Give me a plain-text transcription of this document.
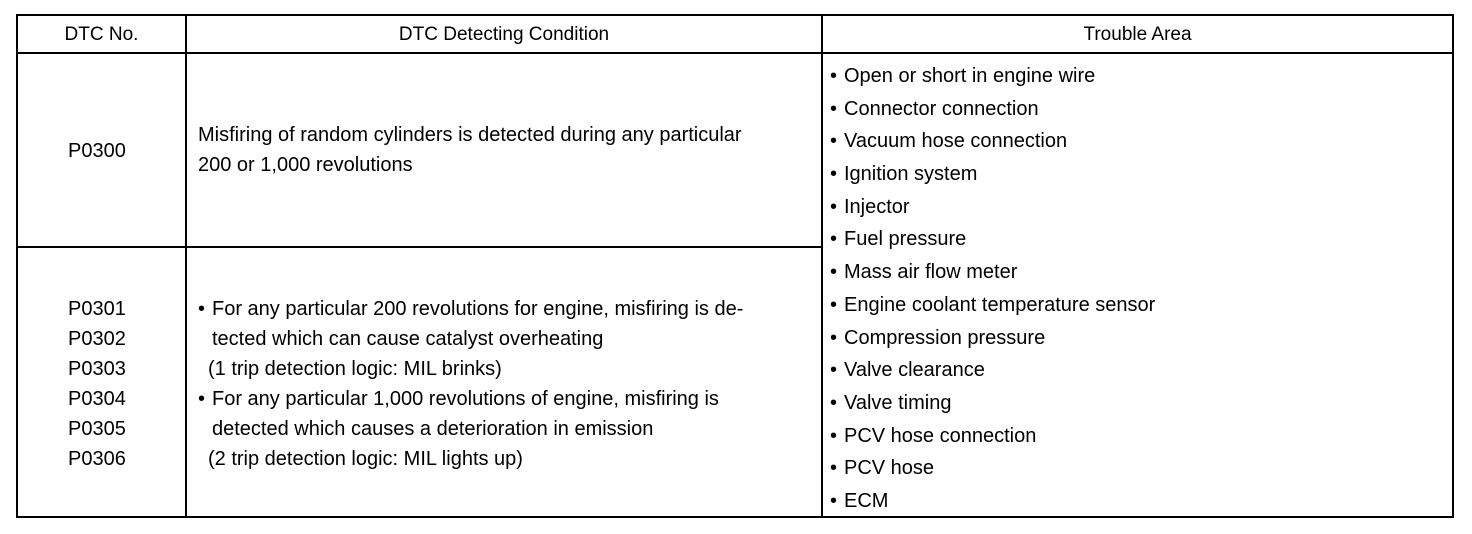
DTC No.	DTC Detecting Condition	Trouble Area
P0300
Misfiring of random cylinders is detected during any particular
200 or 1,000 revolutions
P0301
P0302
P0303
P0304
P0305
P0306
• For any particular 200 revolutions for engine, misfiring is de-
tected which can cause catalyst overheating
(1 trip detection logic: MIL brinks)
• For any particular 1,000 revolutions of engine, misfiring is
detected which causes a deterioration in emission
(2 trip detection logic: MIL lights up)
• Open or short in engine wire
• Connector connection
• Vacuum hose connection
• Ignition system
• Injector
• Fuel pressure
• Mass air flow meter
• Engine coolant temperature sensor
• Compression pressure
• Valve clearance
• Valve timing
• PCV hose connection
• PCV hose
• ECM
